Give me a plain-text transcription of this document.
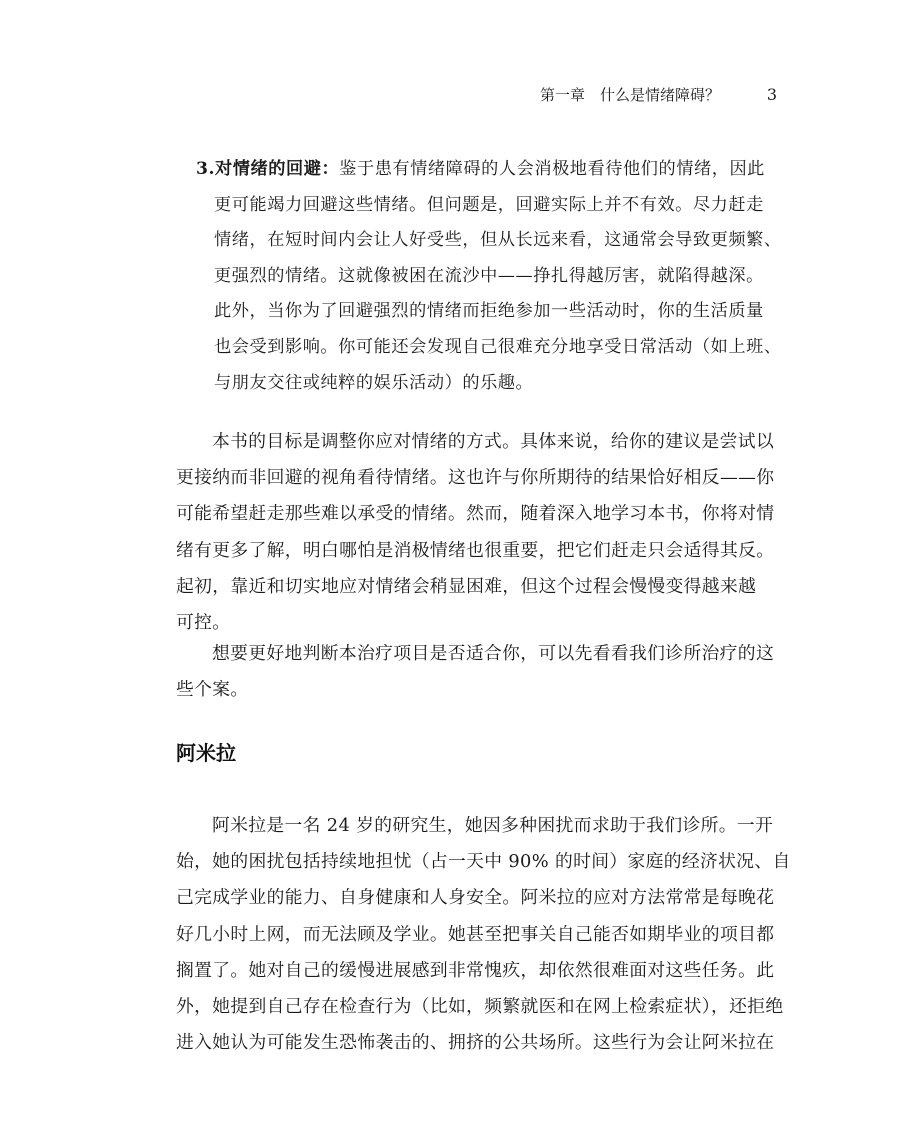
第一章　什么是情绪障碍？	3
3.对情绪的回避：鉴于患有情绪障碍的人会消极地看待他们的情绪，因此
更可能竭力回避这些情绪。但问题是，回避实际上并不有效。尽力赶走
情绪，在短时间内会让人好受些，但从长远来看，这通常会导致更频繁、
更强烈的情绪。这就像被困在流沙中——挣扎得越厉害，就陷得越深。
此外，当你为了回避强烈的情绪而拒绝参加一些活动时，你的生活质量
也会受到影响。你可能还会发现自己很难充分地享受日常活动（如上班、
与朋友交往或纯粹的娱乐活动）的乐趣。
本书的目标是调整你应对情绪的方式。具体来说，给你的建议是尝试以
更接纳而非回避的视角看待情绪。这也许与你所期待的结果恰好相反——你
可能希望赶走那些难以承受的情绪。然而，随着深入地学习本书，你将对情
绪有更多了解，明白哪怕是消极情绪也很重要，把它们赶走只会适得其反。
起初，靠近和切实地应对情绪会稍显困难，但这个过程会慢慢变得越来越
可控。
想要更好地判断本治疗项目是否适合你，可以先看看我们诊所治疗的这
些个案。
阿米拉
阿米拉是一名 24 岁的研究生，她因多种困扰而求助于我们诊所。一开
始，她的困扰包括持续地担忧（占一天中 90% 的时间）家庭的经济状况、自
己完成学业的能力、自身健康和人身安全。阿米拉的应对方法常常是每晚花
好几小时上网，而无法顾及学业。她甚至把事关自己能否如期毕业的项目都
搁置了。她对自己的缓慢进展感到非常愧疚，却依然很难面对这些任务。此
外，她提到自己存在检查行为（比如，频繁就医和在网上检索症状），还拒绝
进入她认为可能发生恐怖袭击的、拥挤的公共场所。这些行为会让阿米拉在
